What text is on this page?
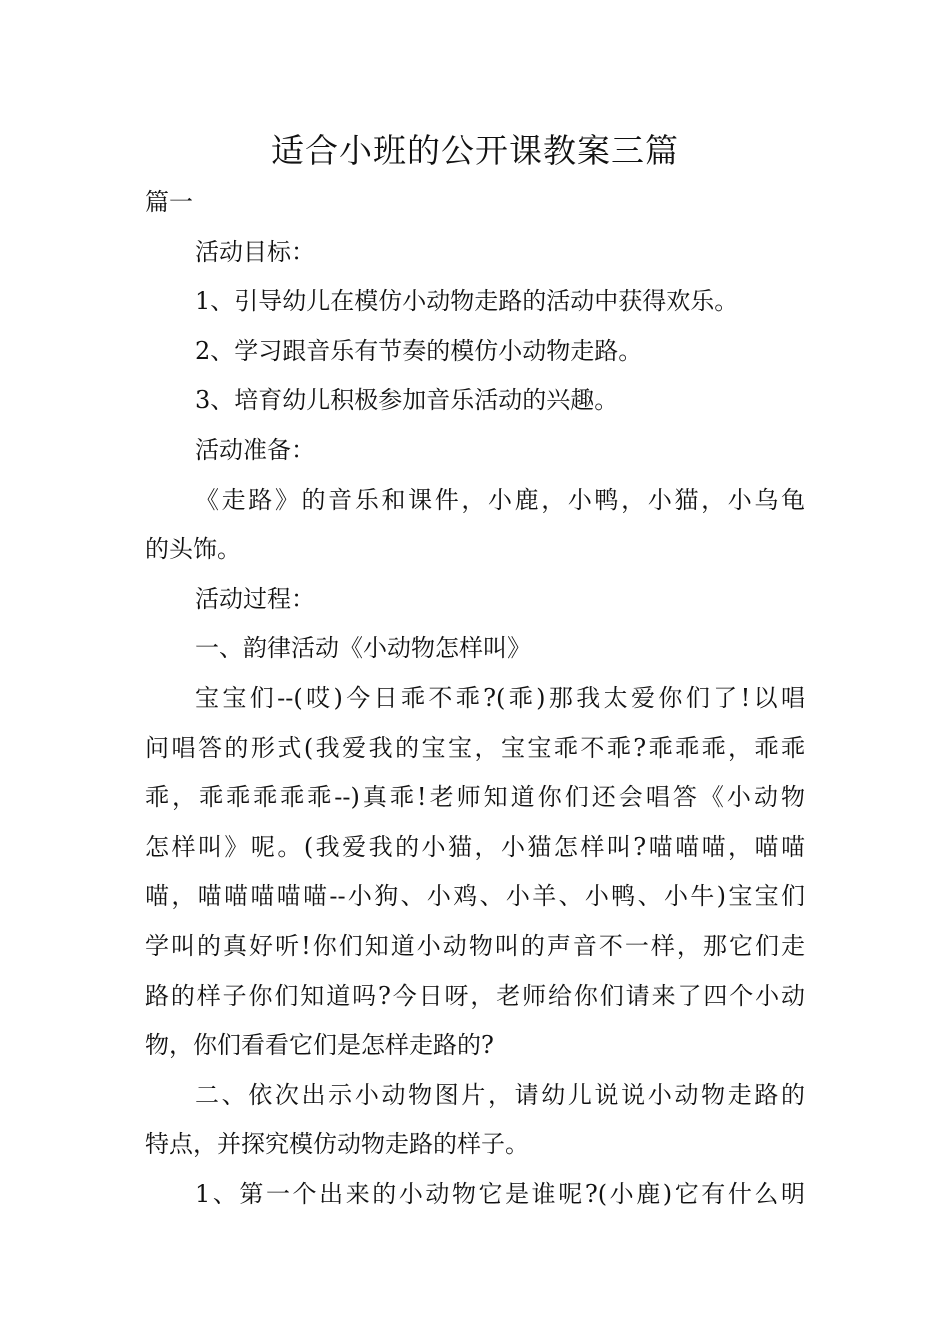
适合小班的公开课教案三篇
篇一
活动目标：
1、引导幼儿在模仿小动物走路的活动中获得欢乐。
2、学习跟音乐有节奏的模仿小动物走路。
3、培育幼儿积极参加音乐活动的兴趣。
活动准备：
《走路》的音乐和课件，小鹿，小鸭，小猫，小乌龟
的头饰。
活动过程：
一、韵律活动《小动物怎样叫》
宝宝们--(哎)今日乖不乖?(乖)那我太爱你们了!以唱
问唱答的形式(我爱我的宝宝，宝宝乖不乖?乖乖乖，乖乖
乖，乖乖乖乖乖--)真乖!老师知道你们还会唱答《小动物
怎样叫》呢。(我爱我的小猫，小猫怎样叫?喵喵喵，喵喵
喵，喵喵喵喵喵--小狗、小鸡、小羊、小鸭、小牛)宝宝们
学叫的真好听!你们知道小动物叫的声音不一样，那它们走
路的样子你们知道吗?今日呀，老师给你们请来了四个小动
物，你们看看它们是怎样走路的?
二、依次出示小动物图片，请幼儿说说小动物走路的
特点，并探究模仿动物走路的样子。
1、第一个出来的小动物它是谁呢?(小鹿)它有什么明
